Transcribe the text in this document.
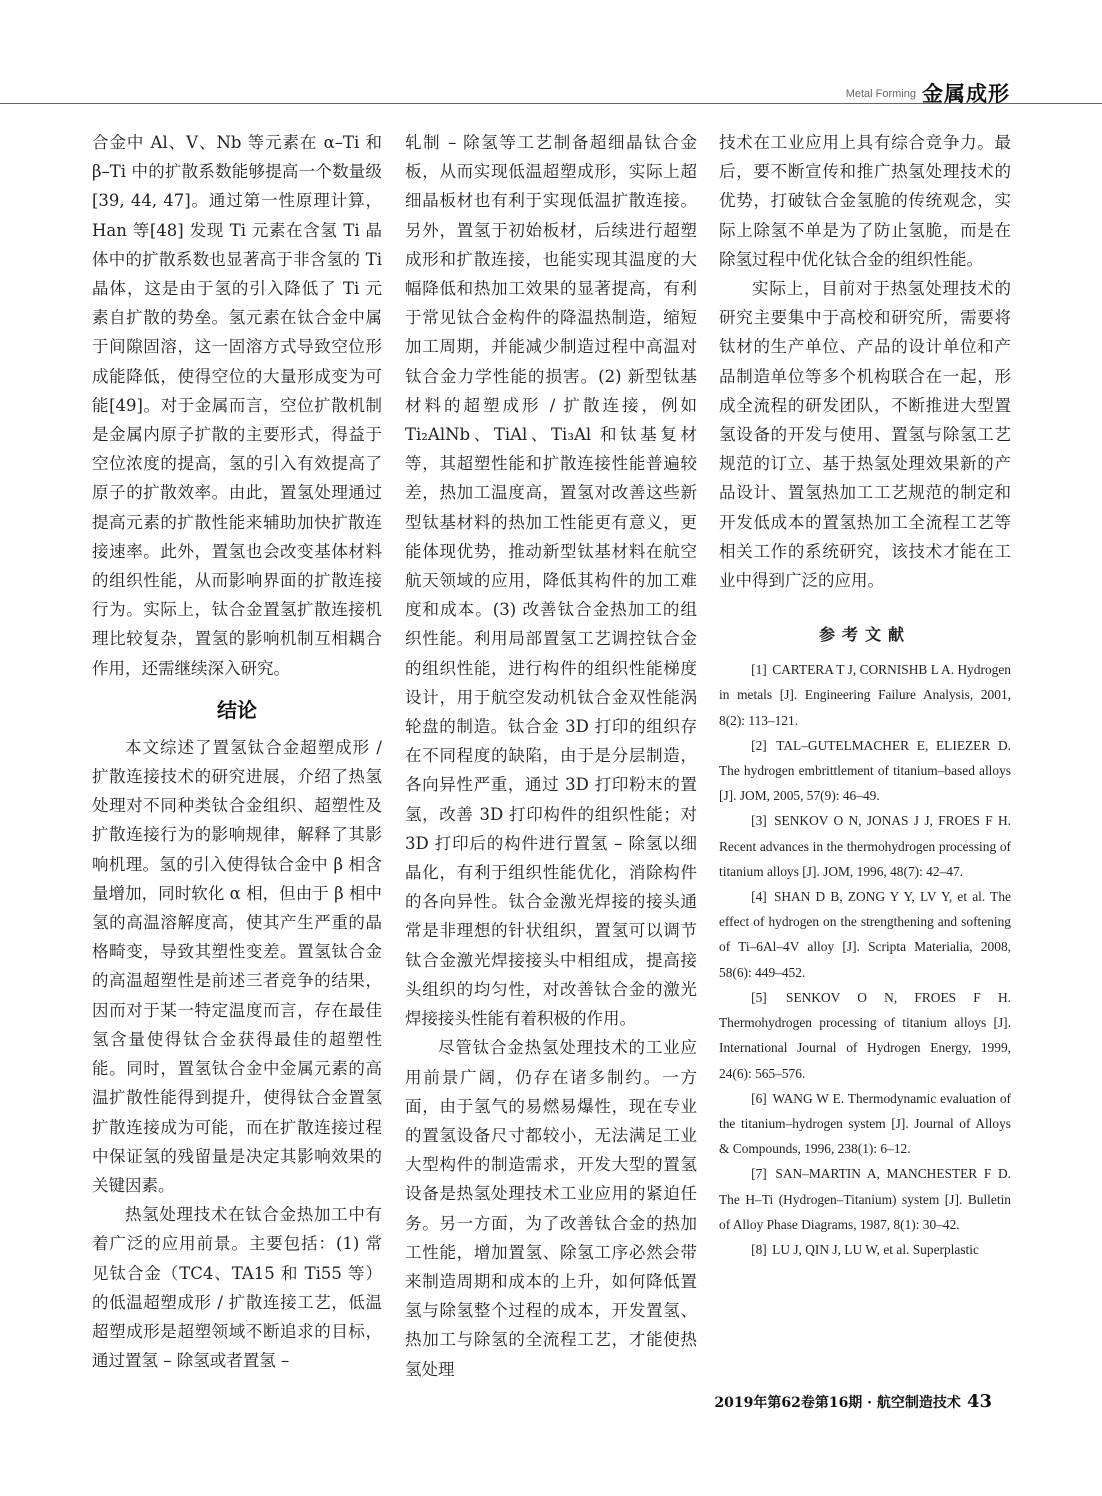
Metal Forming 金属成形

合金中 Al、V、Nb 等元素在 α–Ti 和 β–Ti 中的扩散系数能够提高一个数量级[39, 44, 47]。通过第一性原理计算，Han 等[48] 发现 Ti 元素在含氢 Ti 晶体中的扩散系数也显著高于非含氢的 Ti 晶体，这是由于氢的引入降低了 Ti 元素自扩散的势垒。氢元素在钛合金中属于间隙固溶，这一固溶方式导致空位形成能降低，使得空位的大量形成变为可能[49]。对于金属而言，空位扩散机制是金属内原子扩散的主要形式，得益于空位浓度的提高，氢的引入有效提高了原子的扩散效率。由此，置氢处理通过提高元素的扩散性能来辅助加快扩散连接速率。此外，置氢也会改变基体材料的组织性能，从而影响界面的扩散连接行为。实际上，钛合金置氢扩散连接机理比较复杂，置氢的影响机制互相耦合作用，还需继续深入研究。

结论

本文综述了置氢钛合金超塑成形 / 扩散连接技术的研究进展，介绍了热氢处理对不同种类钛合金组织、超塑性及扩散连接行为的影响规律，解释了其影响机理。氢的引入使得钛合金中 β 相含量增加，同时软化 α 相，但由于 β 相中氢的高温溶解度高，使其产生严重的晶格畸变，导致其塑性变差。置氢钛合金的高温超塑性是前述三者竞争的结果，因而对于某一特定温度而言，存在最佳氢含量使得钛合金获得最佳的超塑性能。同时，置氢钛合金中金属元素的高温扩散性能得到提升，使得钛合金置氢扩散连接成为可能，而在扩散连接过程中保证氢的残留量是决定其影响效果的关键因素。

热氢处理技术在钛合金热加工中有着广泛的应用前景。主要包括：(1) 常见钛合金（TC4、TA15 和 Ti55 等）的低温超塑成形 / 扩散连接工艺，低温超塑成形是超塑领域不断追求的目标，通过置氢 – 除氢或者置氢 –

轧制 – 除氢等工艺制备超细晶钛合金板，从而实现低温超塑成形，实际上超细晶板材也有利于实现低温扩散连接。另外，置氢于初始板材，后续进行超塑成形和扩散连接，也能实现其温度的大幅降低和热加工效果的显著提高，有利于常见钛合金构件的降温热制造，缩短加工周期，并能减少制造过程中高温对钛合金力学性能的损害。(2) 新型钛基材料的超塑成形 / 扩散连接，例如 Ti₂AlNb、TiAl、Ti₃Al 和钛基复材等，其超塑性能和扩散连接性能普遍较差，热加工温度高，置氢对改善这些新型钛基材料的热加工性能更有意义，更能体现优势，推动新型钛基材料在航空航天领域的应用，降低其构件的加工难度和成本。(3) 改善钛合金热加工的组织性能。利用局部置氢工艺调控钛合金的组织性能，进行构件的组织性能梯度设计，用于航空发动机钛合金双性能涡轮盘的制造。钛合金 3D 打印的组织存在不同程度的缺陷，由于是分层制造，各向异性严重，通过 3D 打印粉末的置氢，改善 3D 打印构件的组织性能；对 3D 打印后的构件进行置氢 – 除氢以细晶化，有利于组织性能优化，消除构件的各向异性。钛合金激光焊接的接头通常是非理想的针状组织，置氢可以调节钛合金激光焊接接头中相组成，提高接头组织的均匀性，对改善钛合金的激光焊接接头性能有着积极的作用。

尽管钛合金热氢处理技术的工业应用前景广阔，仍存在诸多制约。一方面，由于氢气的易燃易爆性，现在专业的置氢设备尺寸都较小，无法满足工业大型构件的制造需求，开发大型的置氢设备是热氢处理技术工业应用的紧迫任务。另一方面，为了改善钛合金的热加工性能，增加置氢、除氢工序必然会带来制造周期和成本的上升，如何降低置氢与除氢整个过程的成本，开发置氢、热加工与除氢的全流程工艺，才能使热氢处理

技术在工业应用上具有综合竞争力。最后，要不断宣传和推广热氢处理技术的优势，打破钛合金氢脆的传统观念，实际上除氢不单是为了防止氢脆，而是在除氢过程中优化钛合金的组织性能。

实际上，目前对于热氢处理技术的研究主要集中于高校和研究所，需要将钛材的生产单位、产品的设计单位和产品制造单位等多个机构联合在一起，形成全流程的研发团队，不断推进大型置氢设备的开发与使用、置氢与除氢工艺规范的订立、基于热氢处理效果新的产品设计、置氢热加工工艺规范的制定和开发低成本的置氢热加工全流程工艺等相关工作的系统研究，该技术才能在工业中得到广泛的应用。

参考文献

[1] CARTERA T J, CORNISHB L A. Hydrogen in metals [J]. Engineering Failure Analysis, 2001, 8(2): 113–121.

[2] TAL–GUTELMACHER E, ELIEZER D. The hydrogen embrittlement of titanium–based alloys [J]. JOM, 2005, 57(9): 46–49.

[3] SENKOV O N, JONAS J J, FROES F H. Recent advances in the thermohydrogen processing of titanium alloys [J]. JOM, 1996, 48(7): 42–47.

[4] SHAN D B, ZONG Y Y, LV Y, et al. The effect of hydrogen on the strengthening and softening of Ti–6Al–4V alloy [J]. Scripta Materialia, 2008, 58(6): 449–452.

[5] SENKOV O N, FROES F H. Thermohydrogen processing of titanium alloys [J]. International Journal of Hydrogen Energy, 1999, 24(6): 565–576.

[6] WANG W E. Thermodynamic evaluation of the titanium–hydrogen system [J]. Journal of Alloys & Compounds, 1996, 238(1): 6–12.

[7] SAN–MARTIN A, MANCHESTER F D. The H–Ti (Hydrogen–Titanium) system [J]. Bulletin of Alloy Phase Diagrams, 1987, 8(1): 30–42.

[8] LU J, QIN J, LU W, et al. Superplastic

2019年第62卷第16期 · 航空制造技术 43
